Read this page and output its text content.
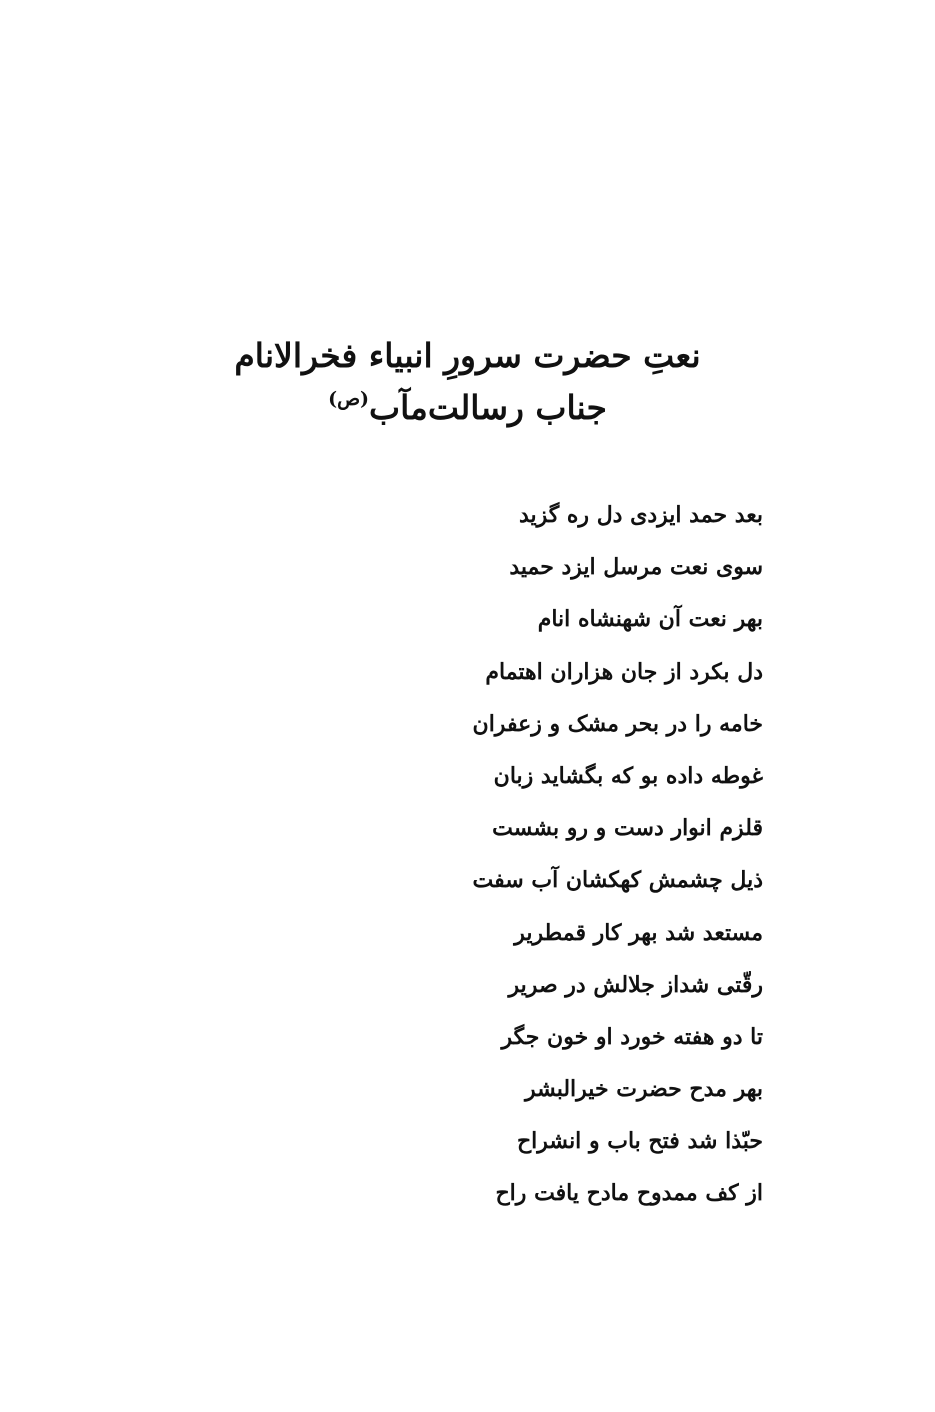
نعتِ حضرت سرورِ انبیاء فخرالانام
جناب رسالت‌مآب$^{(ص)}$
بعد حمد ایزدی دل ره گزید
سوی نعت مرسل ایزد حمید
بهر نعت آن شهنشاه انام
دل بکرد از جان هزاران اهتمام
خامه را در بحر مشک و زعفران
غوطه داده بو که بگشاید زبان
قلزم انوار دست و رو بشست
ذیل چشمش کهکشان آب سفت
مستعد شد بهر کار قمطریر
رقّتی شداز جلالش در صریر
تا دو هفته خورد او خون جگر
بهر مدح حضرت خیرالبشر
حبّذا شد فتح باب و انشراح
از کف ممدوح مادح یافت راح
